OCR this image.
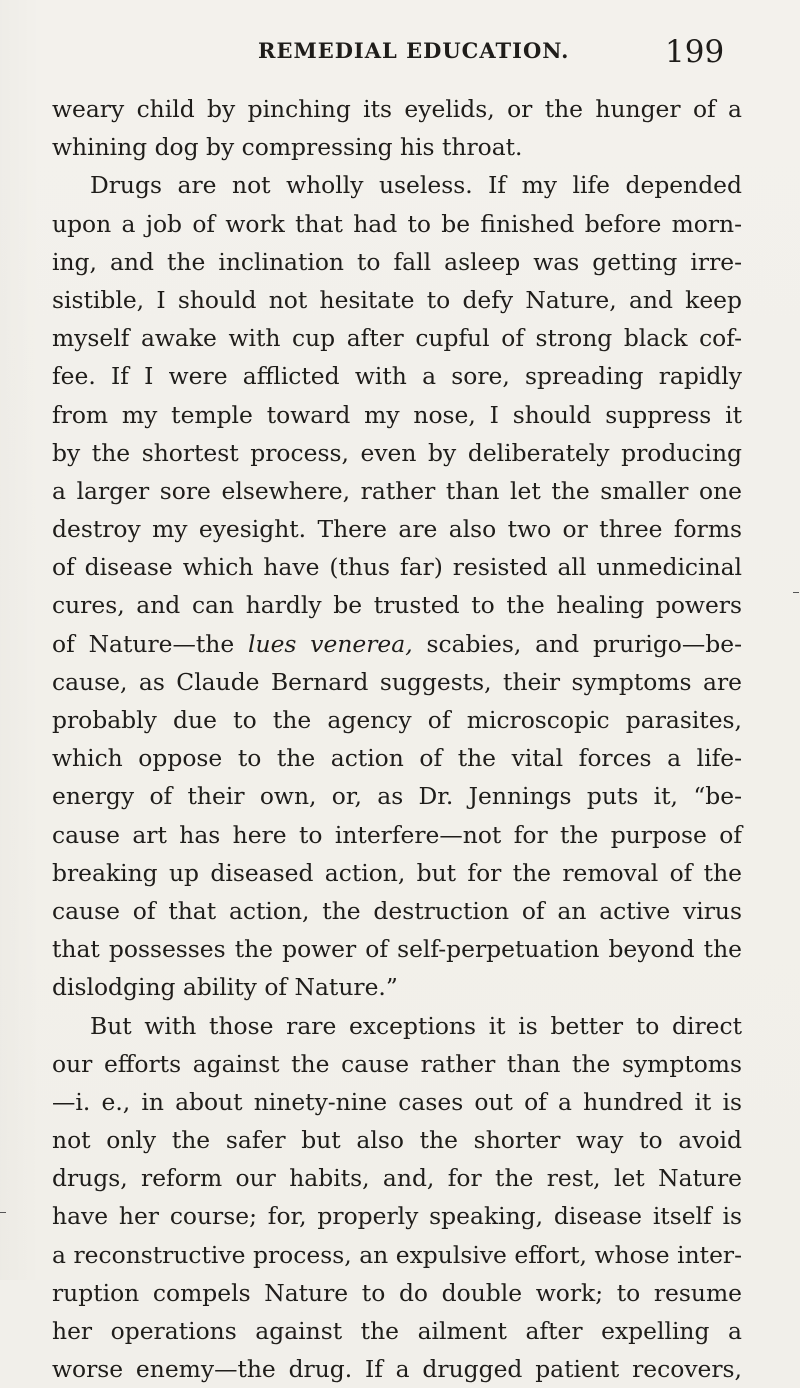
REMEDIAL EDUCATION.	199
weary child by pinching its eyelids, or the hunger of a
whining dog by compressing his throat.
Drugs are not wholly useless. If my life depended
upon a job of work that had to be finished before morn-
ing, and the inclination to fall asleep was getting irre-
sistible, I should not hesitate to defy Nature, and keep
myself awake with cup after cupful of strong black cof-
fee. If I were afflicted with a sore, spreading rapidly
from my temple toward my nose, I should suppress it
by the shortest process, even by deliberately producing
a larger sore elsewhere, rather than let the smaller one
destroy my eyesight. There are also two or three forms
of disease which have (thus far) resisted all unmedicinal
cures, and can hardly be trusted to the healing powers
of Nature—the lues venerea, scabies, and prurigo—be-
cause, as Claude Bernard suggests, their symptoms are
probably due to the agency of microscopic parasites,
which oppose to the action of the vital forces a life-
energy of their own, or, as Dr. Jennings puts it, “be-
cause art has here to interfere—not for the purpose of
breaking up diseased action, but for the removal of the
cause of that action, the destruction of an active virus
that possesses the power of self-perpetuation beyond the
dislodging ability of Nature.”
But with those rare exceptions it is better to direct
our efforts against the cause rather than the symptoms
—i. e., in about ninety-nine cases out of a hundred it is
not only the safer but also the shorter way to avoid
drugs, reform our habits, and, for the rest, let Nature
have her course; for, properly speaking, disease itself is
a reconstructive process, an expulsive effort, whose inter-
ruption compels Nature to do double work; to resume
her operations against the ailment after expelling a
worse enemy—the drug. If a drugged patient recovers,
